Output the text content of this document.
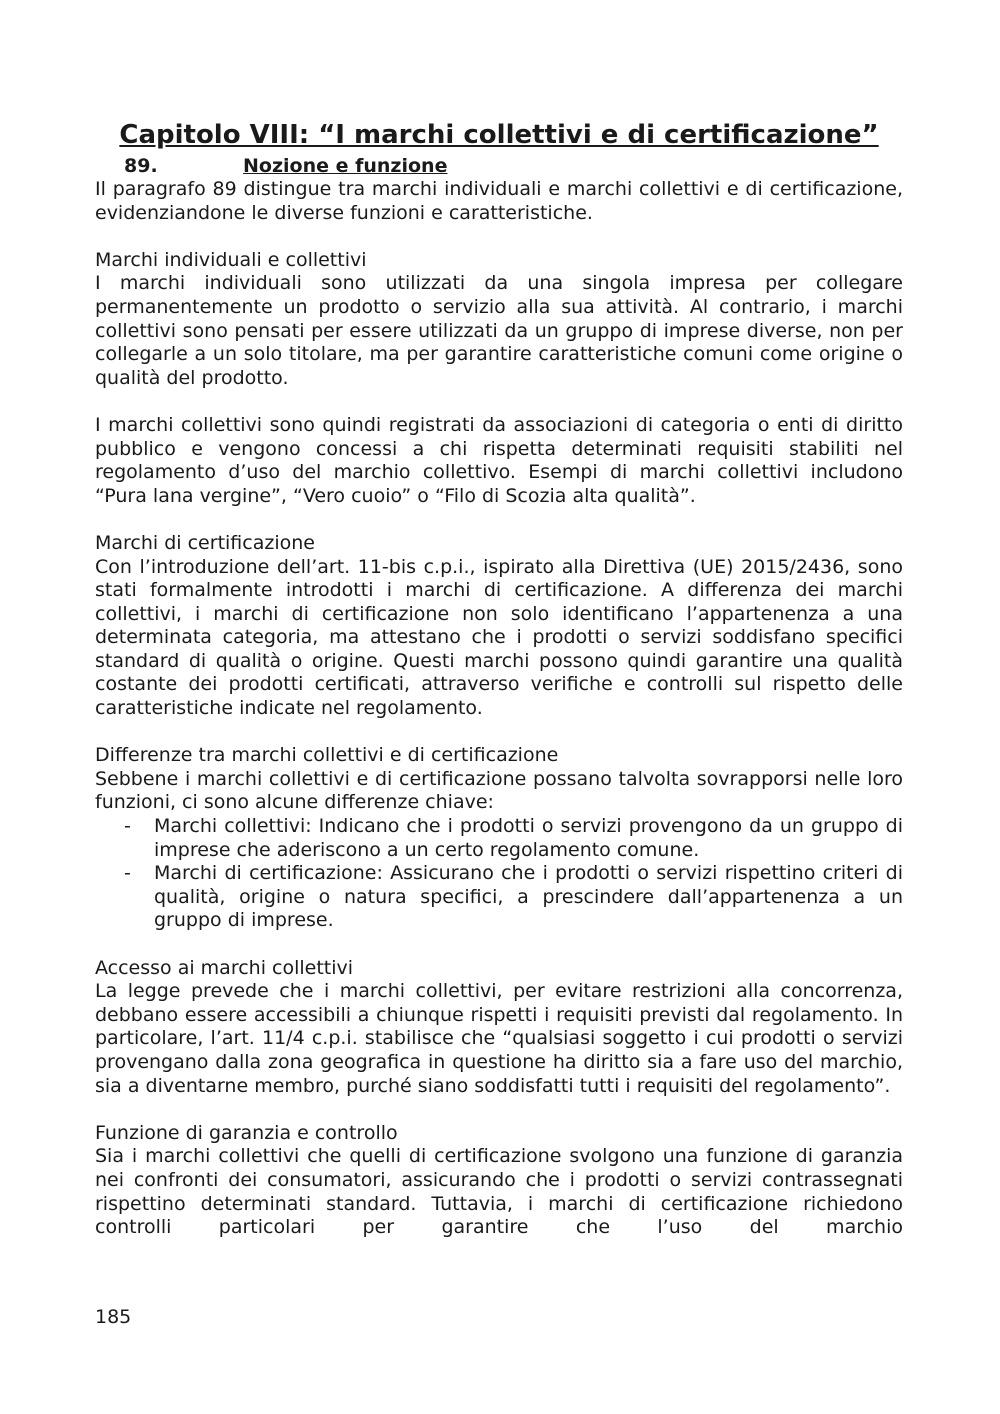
Capitolo VIII: “I marchi collettivi e di certificazione”
89.	Nozione e funzione

Il paragrafo 89 distingue tra marchi individuali e marchi collettivi e di certificazione, evidenziandone le diverse funzioni e caratteristiche.

Marchi individuali e collettivi

I marchi individuali sono utilizzati da una singola impresa per collegare permanentemente un prodotto o servizio alla sua attività. Al contrario, i marchi collettivi sono pensati per essere utilizzati da un gruppo di imprese diverse, non per collegarle a un solo titolare, ma per garantire caratteristiche comuni come origine o qualità del prodotto.

I marchi collettivi sono quindi registrati da associazioni di categoria o enti di diritto pubblico e vengono concessi a chi rispetta determinati requisiti stabiliti nel regolamento d’uso del marchio collettivo. Esempi di marchi collettivi includono “Pura lana vergine”, “Vero cuoio” o “Filo di Scozia alta qualità”.

Marchi di certificazione

Con l’introduzione dell’art. 11-bis c.p.i., ispirato alla Direttiva (UE) 2015/2436, sono stati formalmente introdotti i marchi di certificazione. A differenza dei marchi collettivi, i marchi di certificazione non solo identificano l’appartenenza a una determinata categoria, ma attestano che i prodotti o servizi soddisfano specifici standard di qualità o origine. Questi marchi possono quindi garantire una qualità costante dei prodotti certificati, attraverso verifiche e controlli sul rispetto delle caratteristiche indicate nel regolamento.

Differenze tra marchi collettivi e di certificazione

Sebbene i marchi collettivi e di certificazione possano talvolta sovrapporsi nelle loro funzioni, ci sono alcune differenze chiave:

-	Marchi collettivi: Indicano che i prodotti o servizi provengono da un gruppo di imprese che aderiscono a un certo regolamento comune.
-	Marchi di certificazione: Assicurano che i prodotti o servizi rispettino criteri di qualità, origine o natura specifici, a prescindere dall’appartenenza a un gruppo di imprese.
Accesso ai marchi collettivi

La legge prevede che i marchi collettivi, per evitare restrizioni alla concorrenza, debbano essere accessibili a chiunque rispetti i requisiti previsti dal regolamento. In particolare, l’art. 11/4 c.p.i. stabilisce che “qualsiasi soggetto i cui prodotti o servizi provengano dalla zona geografica in questione ha diritto sia a fare uso del marchio, sia a diventarne membro, purché siano soddisfatti tutti i requisiti del regolamento”.

Funzione di garanzia e controllo

Sia i marchi collettivi che quelli di certificazione svolgono una funzione di garanzia nei confronti dei consumatori, assicurando che i prodotti o servizi contrassegnati rispettino determinati standard. Tuttavia, i marchi di certificazione richiedono controlli particolari per garantire che l’uso del marchio

185
